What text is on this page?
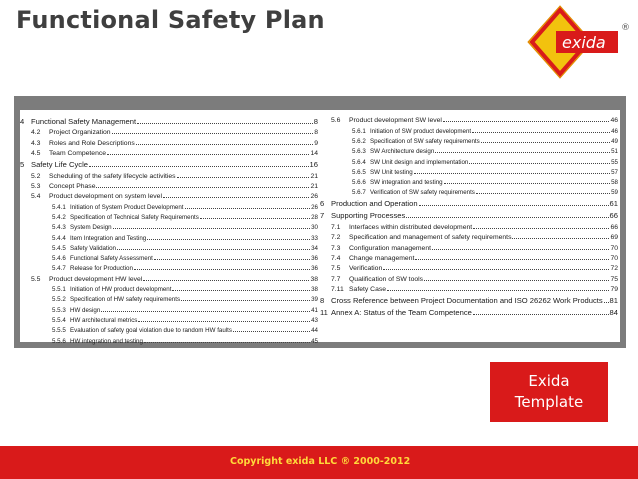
Functional Safety Plan
exida
®
4 Functional Safety Management	8
4.2	Project Organization	8
4.3	Roles and Role Descriptions	9
4.5	Team Competence	14
5 Safety Life Cycle	16
5.2	Scheduling of the safety lifecycle activities	21
5.3	Concept Phase	21
5.4	Product development on system level	26
5.4.1 Initiation of System Product Development	26
5.4.2 Specification of Technical Safety Requirements	28
5.4.3 System Design	30
5.4.4 Item Integration and Testing	33
5.4.5 Safety Validation	34
5.4.6 Functional Safety Assessment	36
5.4.7 Release for Production	36
5.5	Product development HW level	38
5.5.1 Initiation of HW product development	38
5.5.2 Specification of HW safety requirements	39
5.5.3 HW design	41
5.5.4 HW architectural metrics	43
5.5.5 Evaluation of safety goal violation due to random HW faults	44
5.5.6 HW integration and testing	45
5.6	Product development SW level	46
5.6.1 Initiation of SW product development	46
5.6.2 Specification of SW safety requirements	49
5.6.3 SW Architecture design	51
5.6.4 SW Unit design and implementation	55
5.6.5 SW Unit testing	57
5.6.6 SW integration and testing	58
5.6.7 Verification of SW safety requirements	59
6 Production and Operation	61
7 Supporting Processes	66
7.1	Interfaces within distributed development	66
7.2	Specification and management of safety requirements	69
7.3	Configuration management	70
7.4	Change management	70
7.5	Verification	72
7.7	Qualification of SW tools	75
7.11 Safety Case	79
8 Cross Reference between Project Documentation and ISO 26262 Work Products 81
11 Annex A: Status of the Team Competence	84
Exida
Template
Copyright exida LLC ® 2000-2012
